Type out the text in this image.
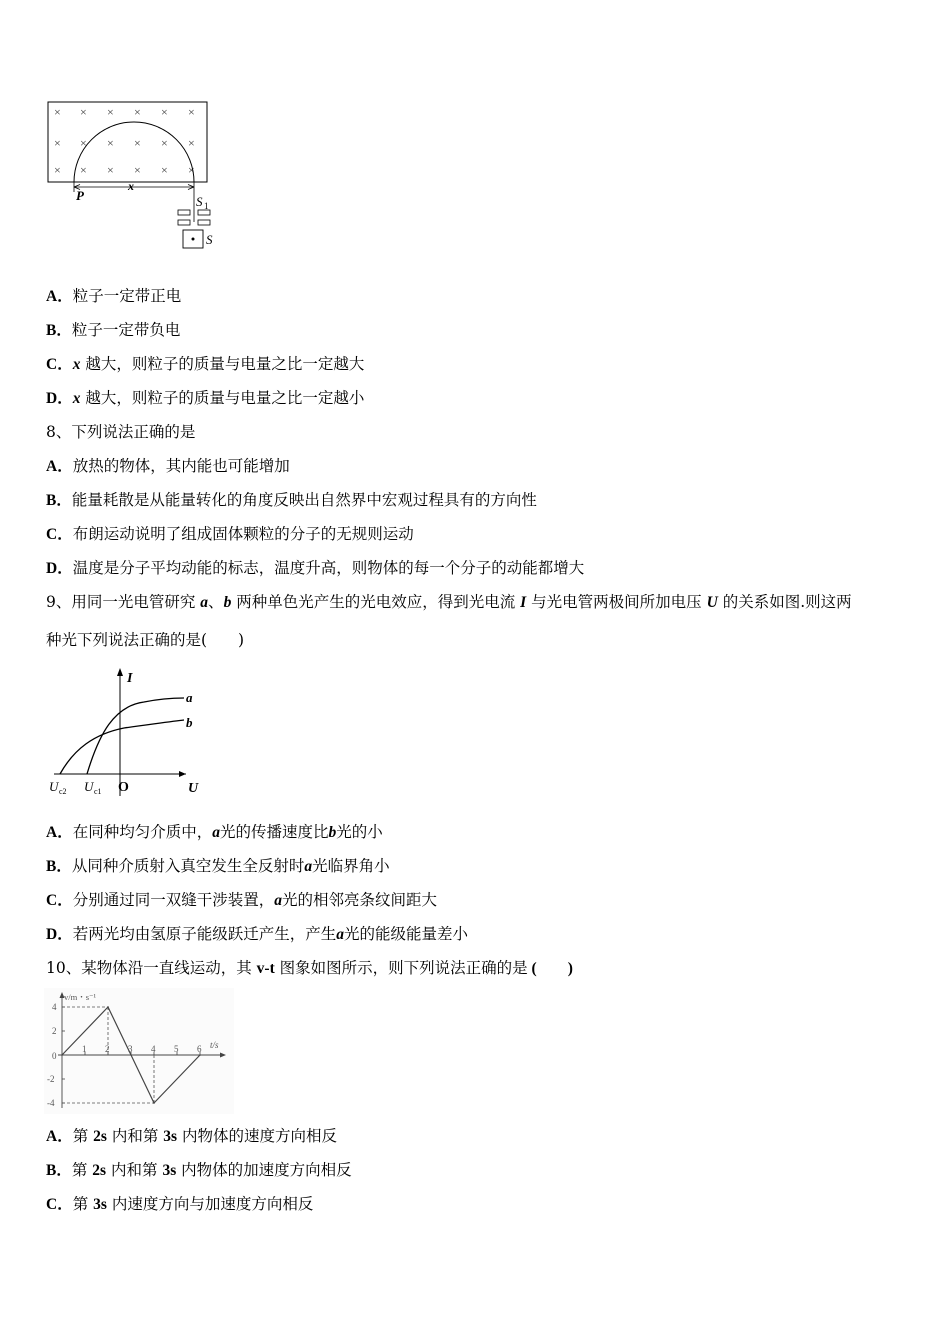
× × × × × ×
× × × × × ×
× × × × × ×
P
x
S 1
S
A．粒子一定带正电
B．粒子一定带负电
C．x 越大，则粒子的质量与电量之比一定越大
D．x 越大，则粒子的质量与电量之比一定越小
8、下列说法正确的是
A．放热的物体，其内能也可能增加
B．能量耗散是从能量转化的角度反映出自然界中宏观过程具有的方向性
C．布朗运动说明了组成固体颗粒的分子的无规则运动
D．温度是分子平均动能的标志，温度升高，则物体的每一个分子的动能都增大
9、用同一光电管研究 a、b 两种单色光产生的光电效应，得到光电流 I 与光电管两极间所加电压 U 的关系如图.则这两
种光下列说法正确的是(　　)
I
U
O
a
b
U c2 U c1
A．在同种均匀介质中，a光的传播速度比b光的小
B．从同种介质射入真空发生全反射时a光临界角小
C．分别通过同一双缝干涉装置，a光的相邻亮条纹间距大
D．若两光均由氢原子能级跃迁产生，产生a光的能级能量差小
10、某物体沿一直线运动，其 v-t 图象如图所示，则下列说法正确的是 (　　)
v/m・s⁻¹
t/s
1 2 3 4 5 6
0
-4
-2
2
4
A．第 2s 内和第 3s 内物体的速度方向相反
B．第 2s 内和第 3s 内物体的加速度方向相反
C．第 3s 内速度方向与加速度方向相反
